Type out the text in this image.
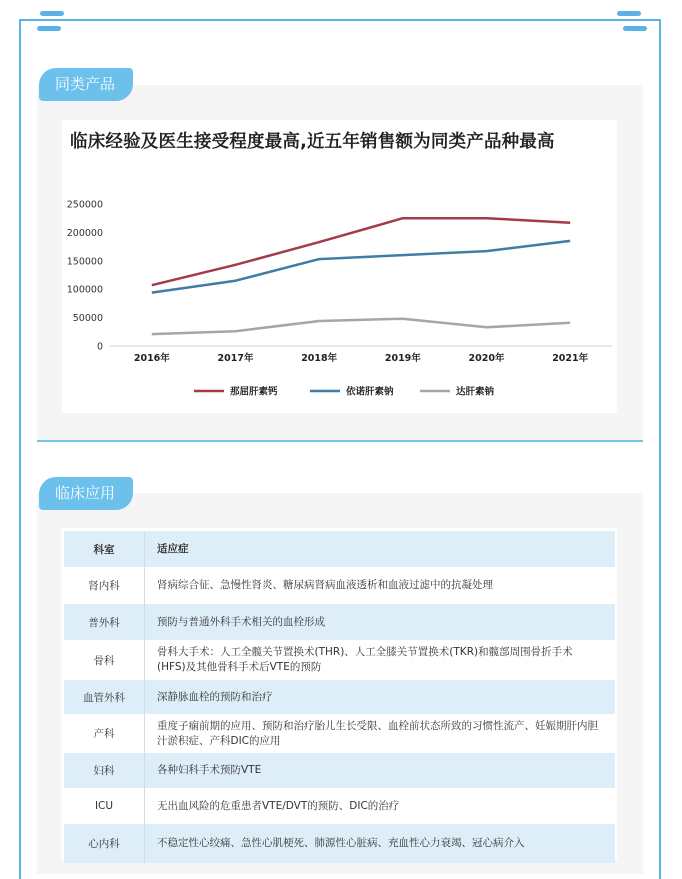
同类产品
临床经验及医生接受程度最高,近五年销售额为同类产品种最高
0
50000
100000
150000
200000
250000
2016年	2017年	2018年	2019年	2020年	2021年
那屈肝素钙	依诺肝素钠	达肝素钠
临床应用
科室	适应症
肾内科	肾病综合征、急慢性肾炎、糖尿病肾病血液透析和血液过滤中的抗凝处理
普外科	预防与普通外科手术相关的血栓形成
骨科	骨科大手术：人工全髋关节置换术(THR)、人工全膝关节置换术(TKR)和髋部周围骨折手术(HFS)及其他骨科手术后VTE的预防
血管外科	深静脉血栓的预防和治疗
产科	重度子痫前期的应用、预防和治疗胎儿生长受限、血栓前状态所致的习惯性流产、妊娠期肝内胆汁淤积症、产科DIC的应用
妇科	各种妇科手术预防VTE
ICU	无出血风险的危重患者VTE/DVT的预防、DIC的治疗
心内科	不稳定性心绞痛、急性心肌梗死、肺源性心脏病、充血性心力衰竭、冠心病介入
